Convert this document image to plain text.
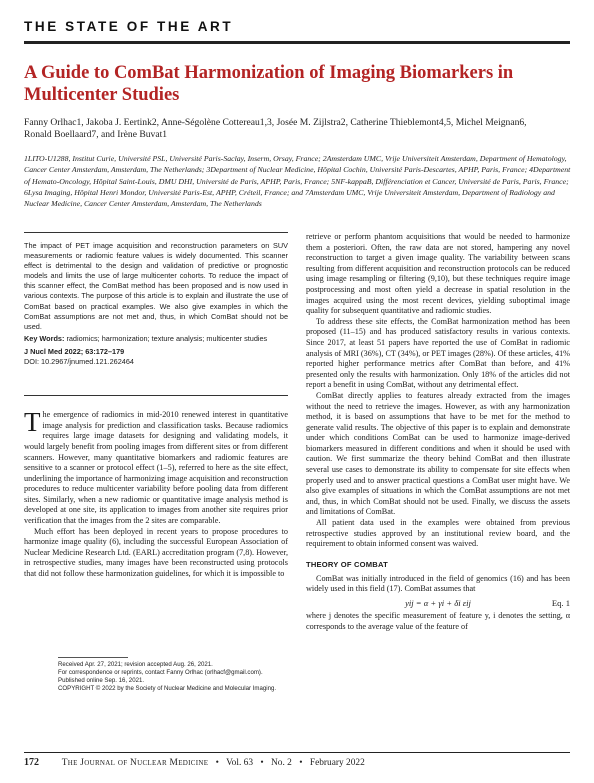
THE STATE OF THE ART
A Guide to ComBat Harmonization of Imaging Biomarkers in Multicenter Studies
Fanny Orlhac1, Jakoba J. Eertink2, Anne-Ségolène Cottereau1,3, Josée M. Zijlstra2, Catherine Thieblemont4,5, Michel Meignan6, Ronald Boellaard7, and Irène Buvat1
1LITO-U1288, Institut Curie, Université PSL, Université Paris-Saclay, Inserm, Orsay, France; 2Amsterdam UMC, Vrije Universiteit Amsterdam, Department of Hematology, Cancer Center Amsterdam, Amsterdam, The Netherlands; 3Department of Nuclear Medicine, Hôpital Cochin, Université Paris-Descartes, APHP, Paris, France; 4Department of Hemato-Oncology, Hôpital Saint-Louis, DMU DHI, Université de Paris, APHP, Paris, France; 5NF-kappaB, Différenciation et Cancer, Université de Paris, Paris, France; 6Lysa Imaging, Hôpital Henri Mondor, Université Paris-Est, APHP, Créteil, France; and 7Amsterdam UMC, Vrije Universiteit Amsterdam, Department of Radiology and Nuclear Medicine, Cancer Center Amsterdam, Amsterdam, The Netherlands

The impact of PET image acquisition and reconstruction parameters on SUV measurements or radiomic feature values is widely documented. This scanner effect is detrimental to the design and validation of predictive or prognostic models and limits the use of large multicenter cohorts. To reduce the impact of this scanner effect, the ComBat method has been proposed and is now used in various contexts. The purpose of this article is to explain and illustrate the use of ComBat based on practical examples. We also give examples in which the ComBat assumptions are not met and, thus, in which ComBat should not be used.

Key Words: radiomics; harmonization; texture analysis; multicenter studies

J Nucl Med 2022; 63:172–179

DOI: 10.2967/jnumed.121.262464

The emergence of radiomics in mid-2010 renewed interest in quantitative image analysis for prediction and classification tasks. Because radiomics requires large image datasets for designing and validating models, it would largely benefit from pooling images from different sites or from different scanners. However, many quantitative biomarkers and radiomic features are sensitive to a scanner or protocol effect (1–5), referred to here as the site effect, underlining the importance of harmonizing image acquisition and reconstruction procedures to reduce multicenter variability before pooling data from different sites. Similarly, when a new radiomic or quantitative image analysis method is developed at one site, its application to images from another site requires prior verification that the images from the 2 sites are comparable.

Much effort has been deployed in recent years to propose procedures to harmonize image quality (6), including the successful European Association of Nuclear Medicine Research Ltd. (EARL) accreditation program (7,8). However, in retrospective studies, many images have been reconstructed using protocols that did not follow these harmonization guidelines, for which it is impossible to

retrieve or perform phantom acquisitions that would be needed to harmonize them a posteriori. Often, the raw data are not stored, hampering any novel reconstruction to target a given image quality. The variability between scans resulting from different acquisition and reconstruction protocols can be reduced using image resampling or filtering (9,10), but these techniques require image postprocessing and most often yield a decrease in spatial resolution in the images acquired using the most recent devices, yielding suboptimal image quality for subsequent quantitative and radiomic studies.

To address these site effects, the ComBat harmonization method has been proposed (11–15) and has produced satisfactory results in various contexts. Since 2017, at least 51 papers have reported the use of ComBat in radiomic analysis of MRI (36%), CT (34%), or PET images (28%). Of these articles, 41% reported higher performance metrics after ComBat than before, and 41% presented only the results with harmonization. Only 18% of the articles did not report a benefit in using ComBat, without any detrimental effect.

ComBat directly applies to features already extracted from the images without the need to retrieve the images. However, as with any harmonization method, it is based on assumptions that have to be met for the method to generate valid results. The objective of this paper is to explain and demonstrate under which conditions ComBat can be used to harmonize image-derived biomarkers measured in different conditions and when it should be used with caution. We first summarize the theory behind ComBat and then illustrate several use cases to demonstrate its ability to compensate for site effects when properly used and to answer practical questions a ComBat user might have. We also give examples of situations in which the ComBat assumptions are not met and, thus, in which ComBat should not be used. Finally, we discuss the assets and limitations of ComBat.

All patient data used in the examples were obtained from previous retrospective studies approved by an institutional review board, and the requirement to obtain informed consent was waived.

THEORY OF COMBAT

ComBat was initially introduced in the field of genomics (16) and has been widely used in this field (17). ComBat assumes that

yij = α + γi + δi εij	Eq. 1

where j denotes the specific measurement of feature y, i denotes the setting, α corresponds to the average value of the feature of

Received Apr. 27, 2021; revision accepted Aug. 26, 2021.
For correspondence or reprints, contact Fanny Orlhac (orlhacf@gmail.com).
Published online Sep. 16, 2021.
COPYRIGHT © 2022 by the Society of Nuclear Medicine and Molecular Imaging.
172 The Journal of Nuclear Medicine • Vol. 63 • No. 2 • February 2022
